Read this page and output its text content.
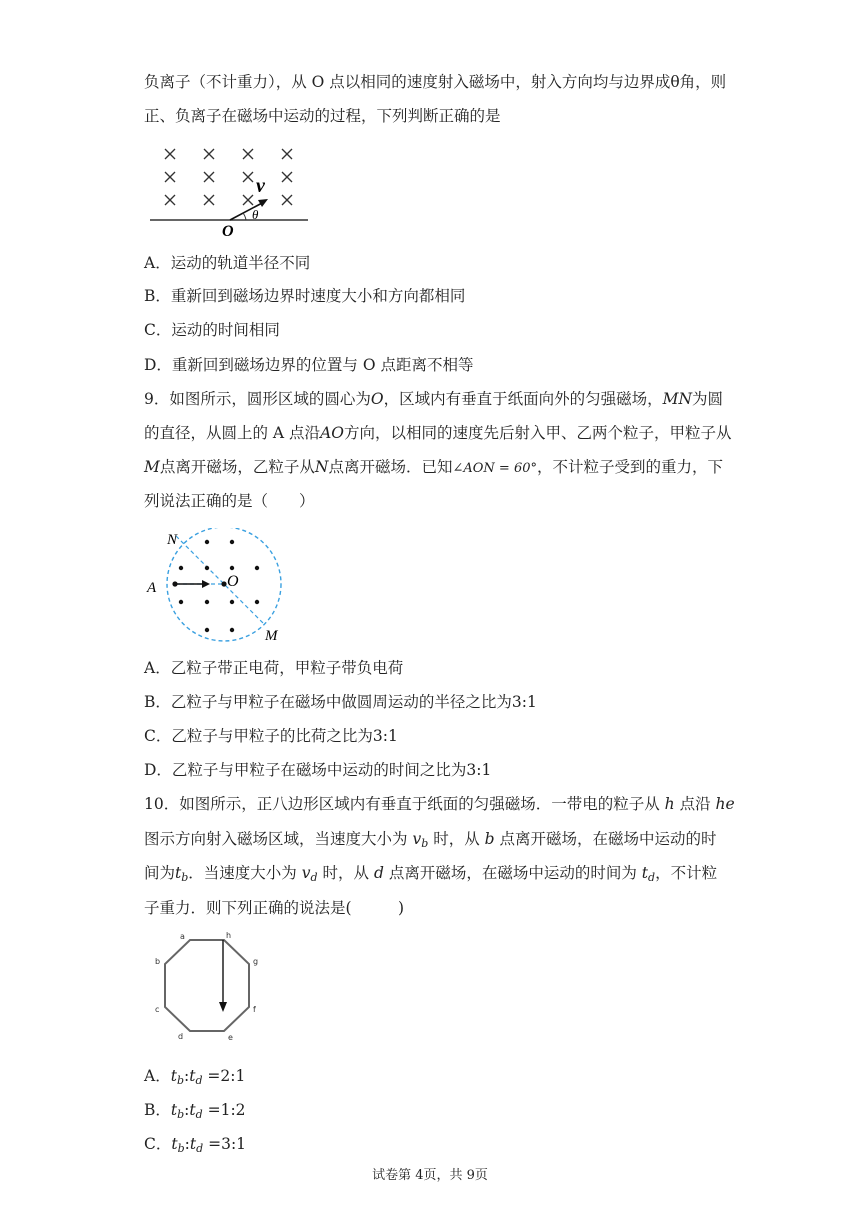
负离子（不计重力），从 O 点以相同的速度射入磁场中，射入方向均与边界成θ角，则
正、负离子在磁场中运动的过程，下列判断正确的是
v
θ
O
A．运动的轨道半径不同
B．重新回到磁场边界时速度大小和方向都相同
C．运动的时间相同
D．重新回到磁场边界的位置与 O 点距离不相等
9．如图所示，圆形区域的圆心为O，区域内有垂直于纸面向外的匀强磁场，MN为圆
的直径，从圆上的 A 点沿AO方向，以相同的速度先后射入甲、乙两个粒子，甲粒子从
M点离开磁场，乙粒子从N点离开磁场．已知∠AON = 60°，不计粒子受到的重力，下
列说法正确的是（　　）
N
O
A
M
A．乙粒子带正电荷，甲粒子带负电荷
B．乙粒子与甲粒子在磁场中做圆周运动的半径之比为3:1
C．乙粒子与甲粒子的比荷之比为3:1
D．乙粒子与甲粒子在磁场中运动的时间之比为3:1
10．如图所示，正八边形区域内有垂直于纸面的匀强磁场．一带电的粒子从 h 点沿 he
图示方向射入磁场区域，当速度大小为 $v_b$ 时，从 b 点离开磁场，在磁场中运动的时
间为$t_b$．当速度大小为 $v_d$ 时，从 d 点离开磁场，在磁场中运动的时间为 $t_d$，不计粒
子重力．则下列正确的说法是(　　　)
a	h
b	g
c	f
d	e
A．$t_b:t_d$ =2:1
B．$t_b:t_d$ =1:2
C．$t_b:t_d$ =3:1
试卷第 4页，共 9页
